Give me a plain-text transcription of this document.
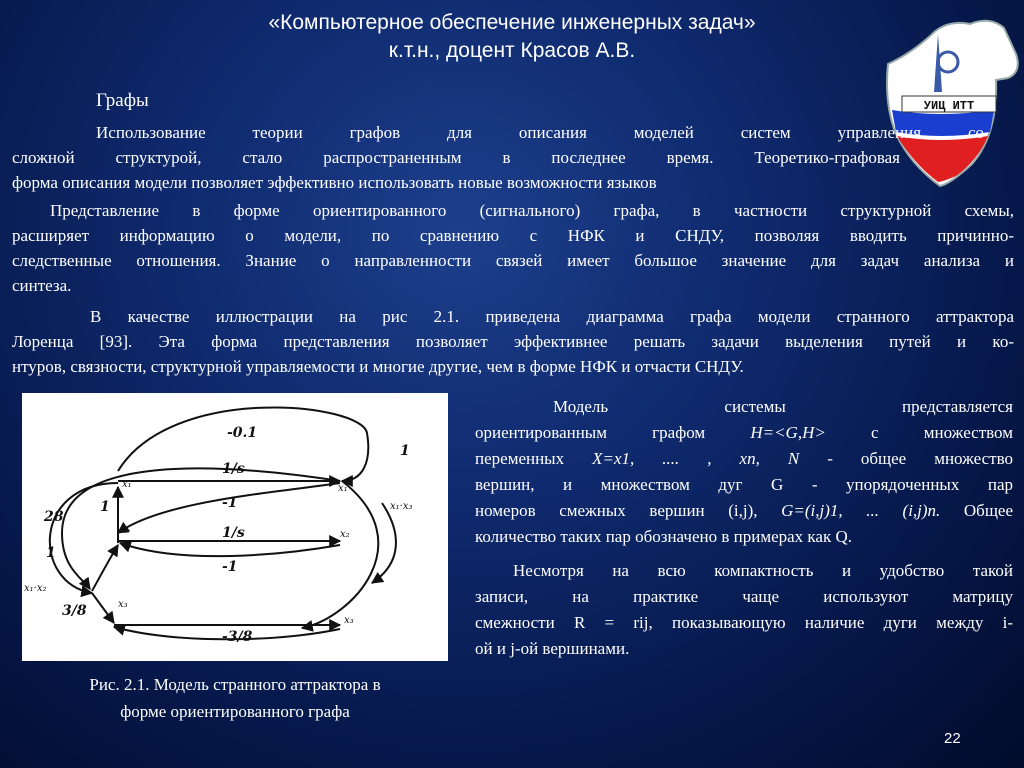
«Компьютерное обеспечение инженерных задач»
к.т.н., доцент Красов А.В.
УИЦ ИТТ
Графы
Использование теории графов для описания моделей систем управления со
сложной структурой, стало распространенным в последнее время. Теоретико-графовая
форма описания модели позволяет эффективно использовать новые возможности языков
Представление в форме ориентированного (сигнального) графа, в частности структурной схемы,
расширяет информацию о модели, по сравнению с НФК и СНДУ, позволяя вводить причинно-
следственные отношения. Знание о направленности связей имеет большое значение для задач анализа и
синтеза.
В качестве иллюстрации на рис 2.1. приведена диаграмма графа модели странного аттрактора
Лоренца [93]. Эта форма представления позволяет эффективнее решать задачи выделения путей и ко-
нтуров, связности, структурной управляемости и многие другие, чем в форме НФК и отчасти СНДУ.
-0.1
1/s
1
1	-1
28
1/s
-1
1
3/8
-3/8
x₁	x₁
x₂	x₂
x₃
x₃
x₁·x₃
x₁·x₂
Рис. 2.1. Модель странного аттрактора в
форме ориентированного графа
Модель системы представляется
ориентированным графом H=<G,H> с множеством
переменных X=x1, .... , xn, N - общее множество
вершин, и множеством дуг G - упорядоченных пар
номеров смежных вершин (i,j), G=(i,j)1, ... (i,j)n. Общее
количество таких пар обозначено в примерах как Q.
Несмотря на всю компактность и удобство такой
записи, на практике чаще используют матрицу
смежности R = rij, показывающую наличие дуги между i-
ой и j-ой вершинами.
22
